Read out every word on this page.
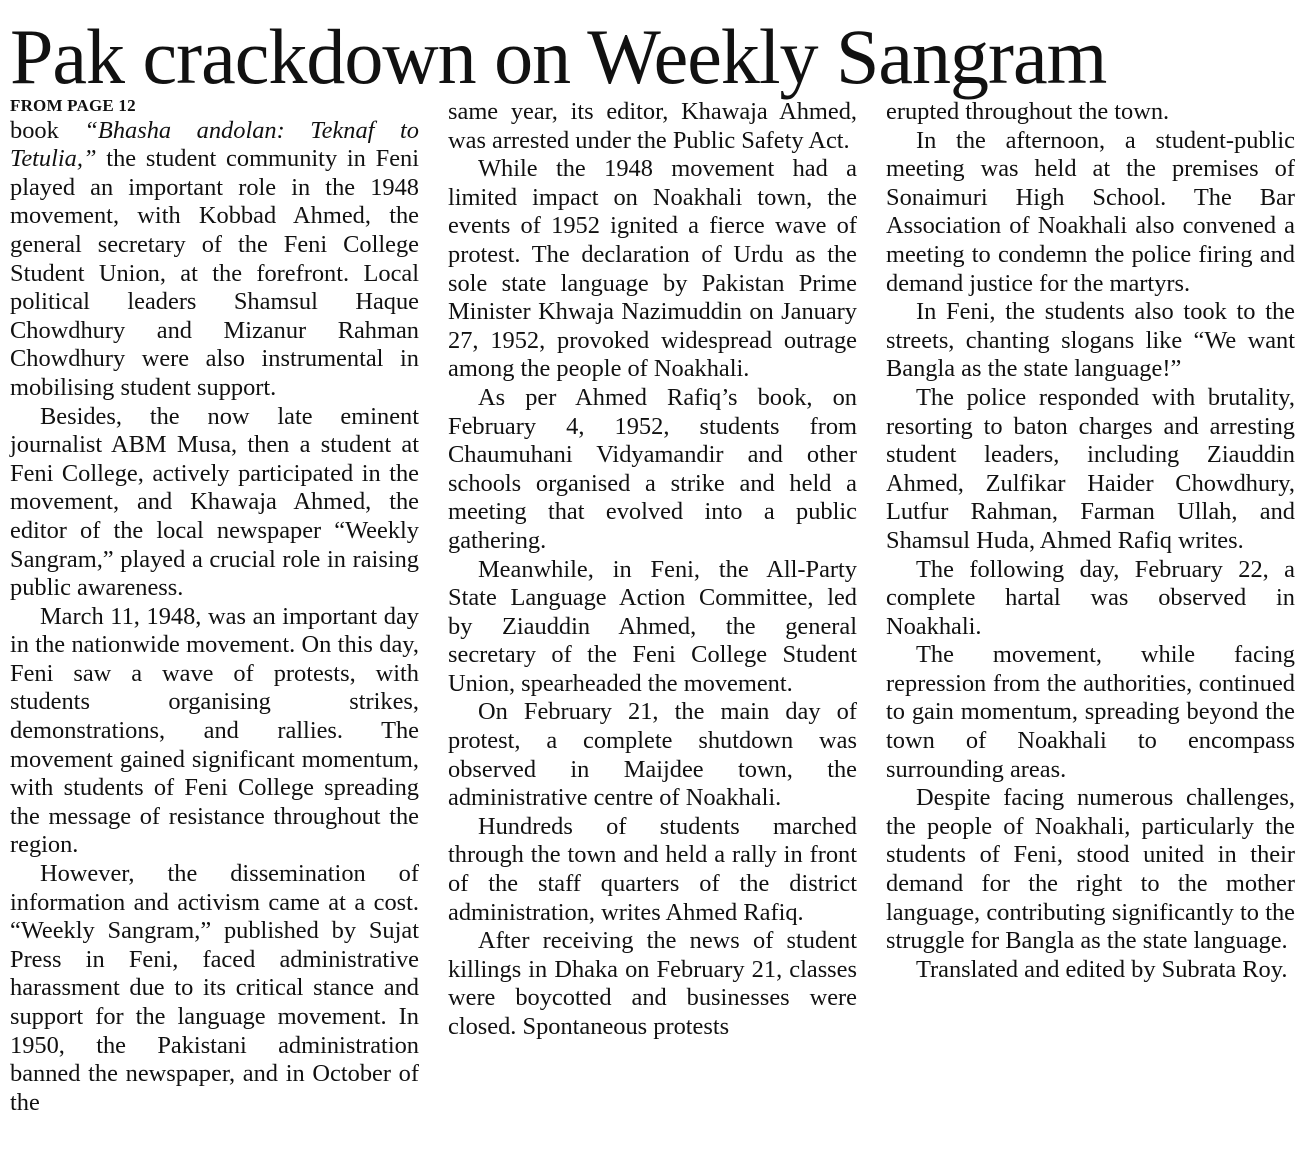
Pak crackdown on Weekly Sangram
FROM PAGE 12

book “Bhasha andolan: Teknaf to Tetulia,” the student community in Feni played an important role in the 1948 movement, with Kobbad Ahmed, the general secretary of the Feni College Student Union, at the forefront. Local political leaders Shamsul Haque Chowdhury and Mizanur Rahman Chowdhury were also instrumental in mobilising student support.

Besides, the now late eminent journalist ABM Musa, then a student at Feni College, actively participated in the movement, and Khawaja Ahmed, the editor of the local newspaper “Weekly Sangram,” played a crucial role in raising public awareness.

March 11, 1948, was an important day in the nationwide movement. On this day, Feni saw a wave of protests, with students organising strikes, demonstrations, and rallies. The movement gained significant momentum, with students of Feni College spreading the message of resistance throughout the region.

However, the dissemination of information and activism came at a cost. “Weekly Sangram,” published by Sujat Press in Feni, faced administrative harassment due to its critical stance and support for the language movement. In 1950, the Pakistani administration banned the newspaper, and in October of the

same year, its editor, Khawaja Ahmed, was arrested under the Public Safety Act.

While the 1948 movement had a limited impact on Noakhali town, the events of 1952 ignited a fierce wave of protest. The declaration of Urdu as the sole state language by Pakistan Prime Minister Khwaja Nazimuddin on January 27, 1952, provoked widespread outrage among the people of Noakhali.

As per Ahmed Rafiq’s book, on February 4, 1952, students from Chaumuhani Vidyamandir and other schools organised a strike and held a meeting that evolved into a public gathering.

Meanwhile, in Feni, the All-Party State Language Action Committee, led by Ziauddin Ahmed, the general secretary of the Feni College Student Union, spearheaded the movement.

On February 21, the main day of protest, a complete shutdown was observed in Maijdee town, the administrative centre of Noakhali.

Hundreds of students marched through the town and held a rally in front of the staff quarters of the district administration, writes Ahmed Rafiq.

After receiving the news of student killings in Dhaka on February 21, classes were boycotted and businesses were closed. Spontaneous protests

erupted throughout the town.

In the afternoon, a student-public meeting was held at the premises of Sonaimuri High School. The Bar Association of Noakhali also convened a meeting to condemn the police firing and demand justice for the martyrs.

In Feni, the students also took to the streets, chanting slogans like “We want Bangla as the state language!”

The police responded with brutality, resorting to baton charges and arresting student leaders, including Ziauddin Ahmed, Zulfikar Haider Chowdhury, Lutfur Rahman, Farman Ullah, and Shamsul Huda, Ahmed Rafiq writes.

The following day, February 22, a complete hartal was observed in Noakhali.

The movement, while facing repression from the authorities, continued to gain momentum, spreading beyond the town of Noakhali to encompass surrounding areas.

Despite facing numerous challenges, the people of Noakhali, particularly the students of Feni, stood united in their demand for the right to the mother language, contributing significantly to the struggle for Bangla as the state language.

Translated and edited by Subrata Roy.
